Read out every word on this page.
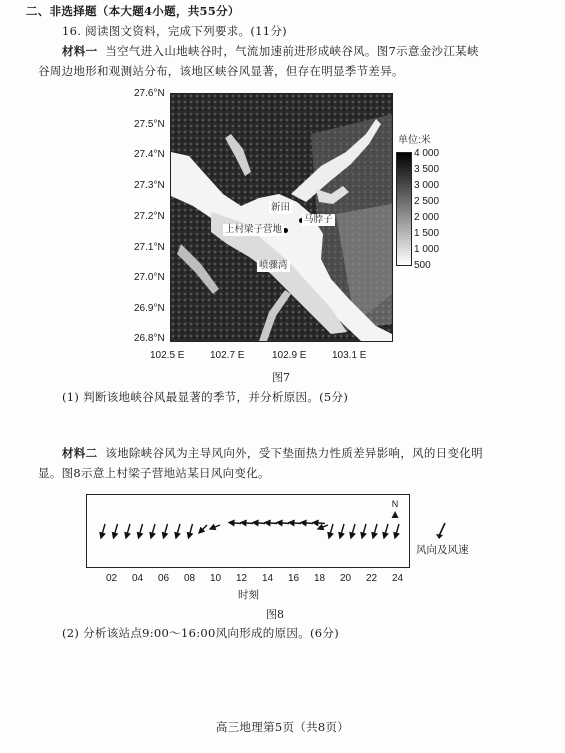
二、非选择题（本大题4小题，共55分）
16. 阅读图文资料，完成下列要求。(11分)
材料一 当空气进入山地峡谷时，气流加速前进形成峡谷风。图7示意金沙江某峡
谷周边地形和观测站分布，该地区峡谷风显著，但存在明显季节差异。
27.6°N
27.5°N
27.4°N
27.3°N
27.2°N
27.1°N
27.0°N
26.9°N
26.8°N
新田
马脖子
上村梁子营地
喷骤湾
102.5 E	102.7 E	102.9 E	103.1 E
单位:米
4 000
3 500
3 000
2 500
2 000
1 500
1 000
500
图7
(1) 判断该地峡谷风最显著的季节，并分析原因。(5分)
材料二 该地除峡谷风为主导风向外，受下垫面热力性质差异影响，风的日变化明
显。图8示意上村梁子营地站某日风向变化。
N
▲
风向及风速
02 04 06 08 10 12 14 16 18 20 22 24
时刻
图8
(2) 分析该站点9:00～16:00风向形成的原因。(6分)
高三地理第5页（共8页）
